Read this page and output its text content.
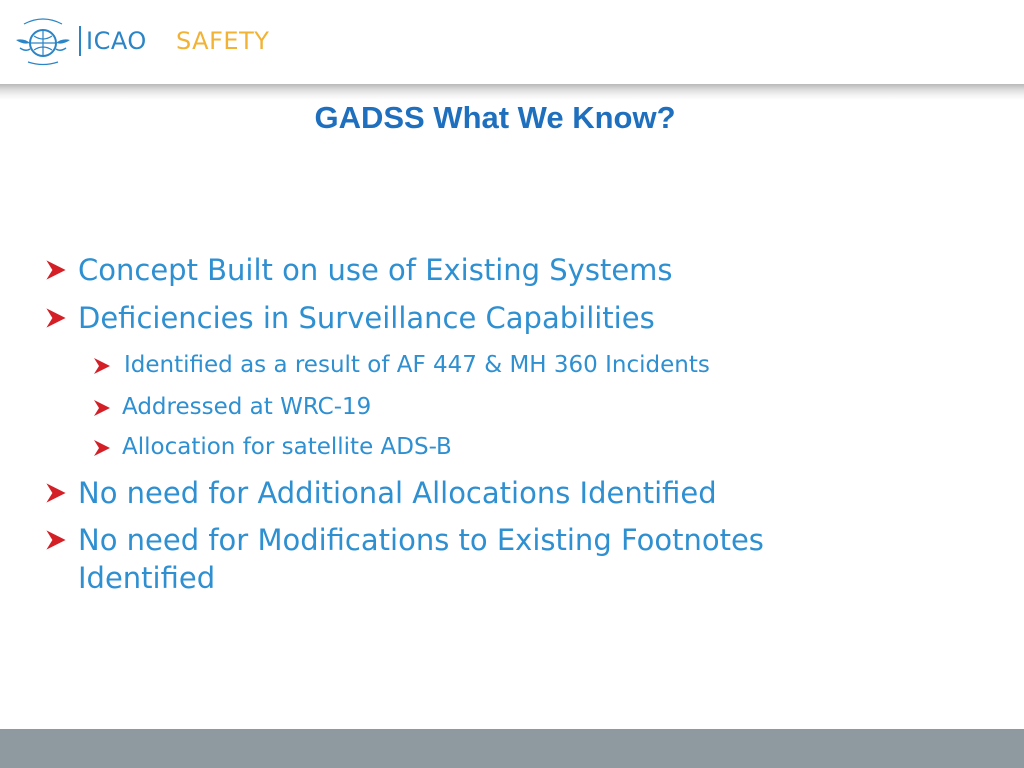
ICAO SAFETY
GADSS What We Know?
Concept Built on use of Existing Systems
Deficiencies in Surveillance Capabilities
Identified as a result of AF 447 & MH 360 Incidents
Addressed at WRC-19
Allocation for satellite ADS-B
No need for Additional Allocations Identified
No need for Modifications to Existing Footnotes
Identified
